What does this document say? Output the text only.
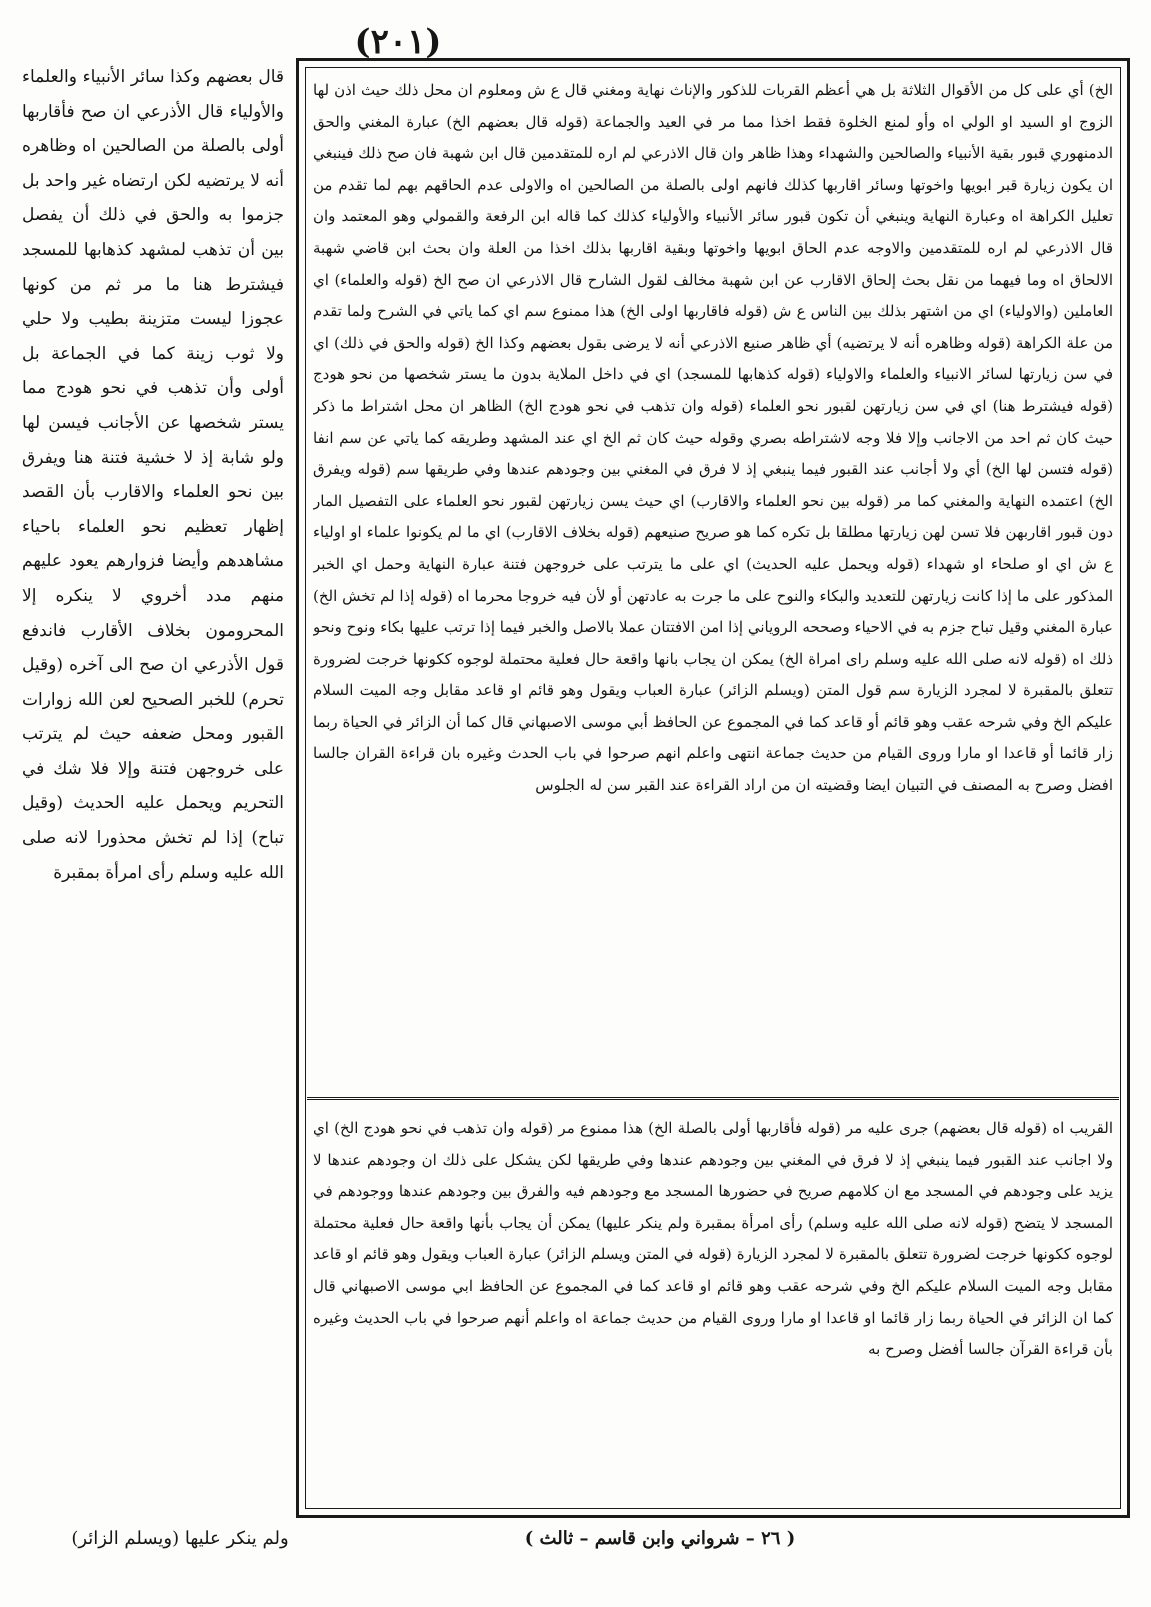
(٢٠١)
الخ) أي على كل من الأقوال الثلاثة بل هي أعظم القربات للذكور والإناث نهاية ومغني قال ع ش ومعلوم ان محل ذلك حيث اذن لها الزوج او السيد او الولي اه وأو لمنع الخلوة فقط اخذا مما مر في العيد والجماعة (قوله قال بعضهم الخ) عبارة المغني والحق الدمنهوري قبور بقية الأنبياء والصالحين والشهداء وهذا ظاهر وان قال الاذرعي لم اره للمتقدمين قال ابن شهبة فان صح ذلك فينبغي ان يكون زيارة قبر ابويها واخوتها وسائر اقاربها كذلك فانهم اولى بالصلة من الصالحين اه والاولى عدم الحاقهم بهم لما تقدم من تعليل الكراهة اه وعبارة النهاية وينبغي أن تكون قبور سائر الأنبياء والأولياء كذلك كما قاله ابن الرفعة والقمولي وهو المعتمد وان قال الاذرعي لم اره للمتقدمين والاوجه عدم الحاق ابويها واخوتها وبقية اقاربها بذلك اخذا من العلة وان بحث ابن قاضي شهبة الالحاق اه وما فيهما من نقل بحث إلحاق الاقارب عن ابن شهبة مخالف لقول الشارح قال الاذرعي ان صح الخ (قوله والعلماء) اي العاملين (والاولياء) اي من اشتهر بذلك بين الناس ع ش (قوله فاقاربها اولى الخ) هذا ممنوع سم اي كما ياتي في الشرح ولما تقدم من علة الكراهة (قوله وظاهره أنه لا يرتضيه) أي ظاهر صنيع الاذرعي أنه لا يرضى بقول بعضهم وكذا الخ (قوله والحق في ذلك) اي في سن زيارتها لسائر الانبياء والعلماء والاولياء (قوله كذهابها للمسجد) اي في داخل الملاية بدون ما يستر شخصها من نحو هودج (قوله فيشترط هنا) اي في سن زيارتهن لقبور نحو العلماء (قوله وان تذهب في نحو هودج الخ) الظاهر ان محل اشتراط ما ذكر حيث كان ثم احد من الاجانب وإلا فلا وجه لاشتراطه بصري وقوله حيث كان ثم الخ اي عند المشهد وطريقه كما ياتي عن سم انفا (قوله فتسن لها الخ) أي ولا أجانب عند القبور فيما ينبغي إذ لا فرق في المغني بين وجودهم عندها وفي طريقها سم (قوله ويفرق الخ) اعتمده النهاية والمغني كما مر (قوله بين نحو العلماء والاقارب) اي حيث يسن زيارتهن لقبور نحو العلماء على التفصيل المار دون قبور اقاربهن فلا تسن لهن زيارتها مطلقا بل تكره كما هو صريح صنيعهم (قوله بخلاف الاقارب) اي ما لم يكونوا علماء او اولياء ع ش اي او صلحاء او شهداء (قوله ويحمل عليه الحديث) اي على ما يترتب على خروجهن فتنة عبارة النهاية وحمل اي الخبر المذكور على ما إذا كانت زيارتهن للتعديد والبكاء والنوح على ما جرت به عادتهن أو لأن فيه خروجا محرما اه (قوله إذا لم تخش الخ) عبارة المغني وقيل تباح جزم به في الاحياء وصححه الروياني إذا امن الافتتان عملا بالاصل والخبر فيما إذا ترتب عليها بكاء ونوح ونحو ذلك اه (قوله لانه صلى الله عليه وسلم راى امراة الخ) يمكن ان يجاب بانها واقعة حال فعلية محتملة لوجوه ككونها خرجت لضرورة تتعلق بالمقبرة لا لمجرد الزيارة سم قول المتن (ويسلم الزائر) عبارة العباب ويقول وهو قائم او قاعد مقابل وجه الميت السلام عليكم الخ وفي شرحه عقب وهو قائم أو قاعد كما في المجموع عن الحافظ أبي موسى الاصبهاني قال كما أن الزائر في الحياة ربما زار قائما أو قاعدا او مارا وروى القيام من حديث جماعة انتهى واعلم انهم صرحوا في باب الحدث وغيره بان قراءة القران جالسا افضل وصرح به المصنف في التبيان ايضا وقضيته ان من اراد القراءة عند القبر سن له الجلوس
القريب اه (قوله قال بعضهم) جرى عليه مر (قوله فأقاربها أولى بالصلة الخ) هذا ممنوع مر (قوله وان تذهب في نحو هودج الخ) اي ولا اجانب عند القبور فيما ينبغي إذ لا فرق في المغني بين وجودهم عندها وفي طريقها لكن يشكل على ذلك ان وجودهم عندها لا يزيد على وجودهم في المسجد مع ان كلامهم صريح في حضورها المسجد مع وجودهم فيه والفرق بين وجودهم عندها ووجودهم في المسجد لا يتضح (قوله لانه صلى الله عليه وسلم) رأى امرأة بمقبرة ولم ينكر عليها) يمكن أن يجاب بأنها واقعة حال فعلية محتملة لوجوه ككونها خرجت لضرورة تتعلق بالمقبرة لا لمجرد الزيارة (قوله في المتن ويسلم الزائر) عبارة العباب ويقول وهو قائم او قاعد مقابل وجه الميت السلام عليكم الخ وفي شرحه عقب وهو قائم او قاعد كما في المجموع عن الحافظ ابي موسى الاصبهاني قال كما ان الزائر في الحياة ربما زار قائما او قاعدا او مارا وروى القيام من حديث جماعة اه واعلم أنهم صرحوا في باب الحديث وغيره بأن قراءة القرآن جالسا أفضل وصرح به
قال بعضهم وكذا سائر الأنبياء والعلماء والأولياء قال الأذرعي ان صح فأقاربها أولى بالصلة من الصالحين اه وظاهره أنه لا يرتضيه لكن ارتضاه غير واحد بل جزموا به والحق في ذلك أن يفصل بين أن تذهب لمشهد كذهابها للمسجد فيشترط هنا ما مر ثم من كونها عجوزا ليست متزينة بطيب ولا حلي ولا ثوب زينة كما في الجماعة بل أولى وأن تذهب في نحو هودج مما يستر شخصها عن الأجانب فيسن لها ولو شابة إذ لا خشية فتنة هنا ويفرق بين نحو العلماء والاقارب بأن القصد إظهار تعظيم نحو العلماء باحياء مشاهدهم وأيضا فزوارهم يعود عليهم منهم مدد أخروي لا ينكره إلا المحرومون بخلاف الأقارب فاندفع قول الأذرعي ان صح الى آخره (وقيل تحرم) للخبر الصحيح لعن الله زوارات القبور ومحل ضعفه حيث لم يترتب على خروجهن فتنة وإلا فلا شك في التحريم ويحمل عليه الحديث (وقيل تباح) إذا لم تخش محذورا لانه صلى الله عليه وسلم رأى امرأة بمقبرة
ولم ينكر عليها (ويسلم الزائر)	( ٢٦ – شرواني وابن قاسم – ثالث )
